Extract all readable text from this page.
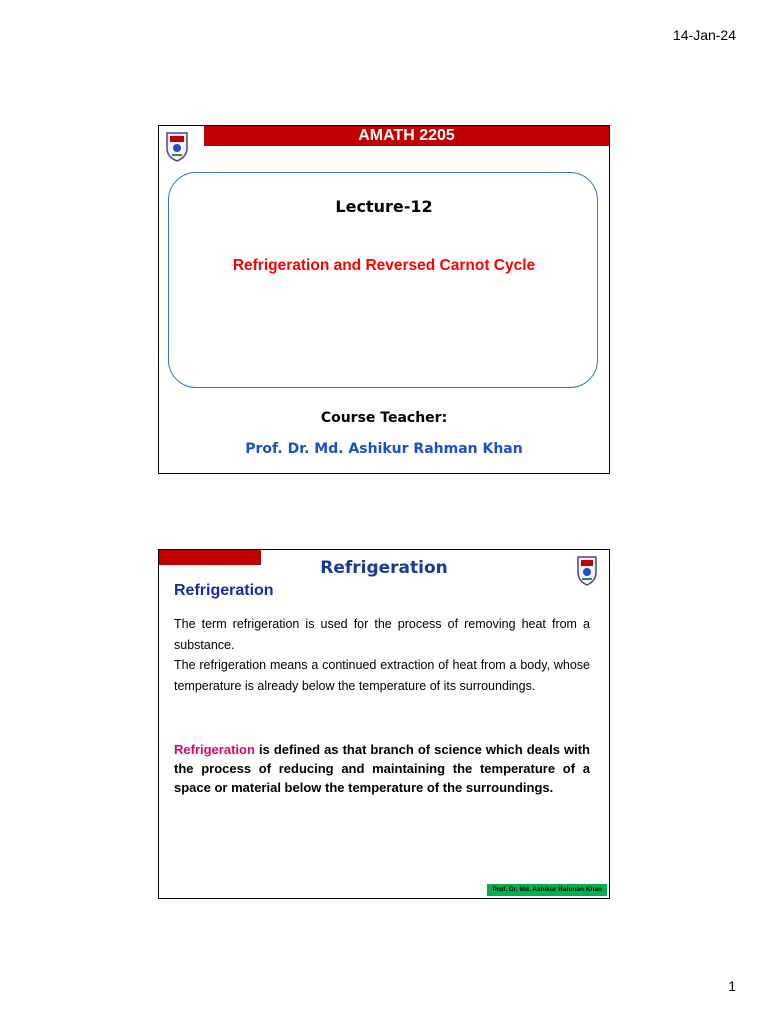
14-Jan-24
AMATH 2205
Lecture-12
Refrigeration and Reversed Carnot Cycle
Course Teacher:
Prof. Dr. Md. Ashikur Rahman Khan
Refrigeration
Refrigeration

The term refrigeration is used for the process of removing heat from a substance.

The refrigeration means a continued extraction of heat from a body, whose temperature is already below the temperature of its surroundings.

Refrigeration is defined as that branch of science which deals with the process of reducing and maintaining the temperature of a space or material below the temperature of the surroundings.
Prof. Dr. Md. Ashikur Rahman Khan
1
